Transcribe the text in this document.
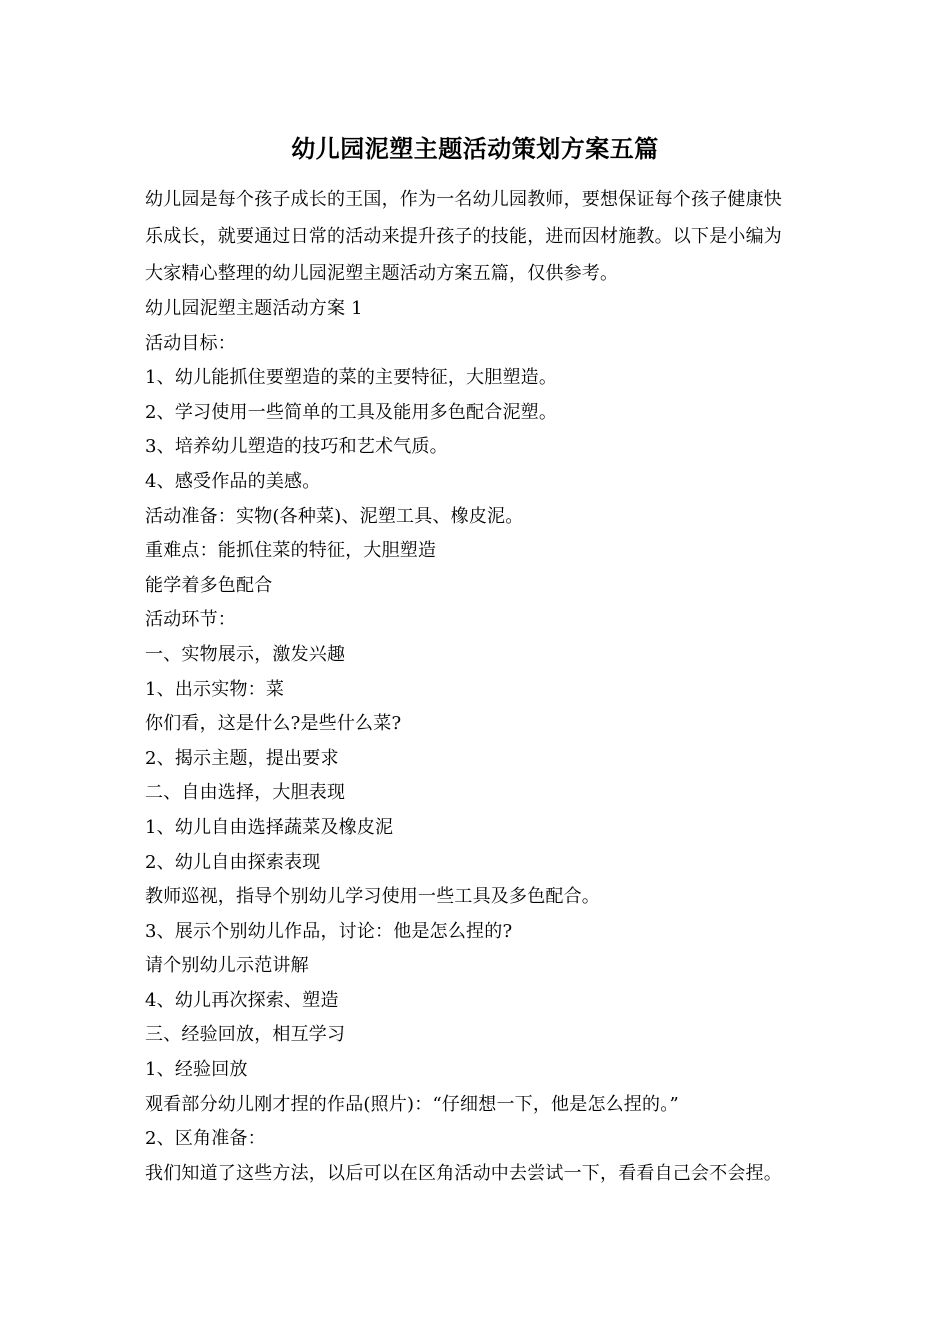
幼儿园泥塑主题活动策划方案五篇

幼儿园是每个孩子成长的王国，作为一名幼儿园教师，要想保证每个孩子健康快

乐成长，就要通过日常的活动来提升孩子的技能，进而因材施教。以下是小编为

大家精心整理的幼儿园泥塑主题活动方案五篇，仅供参考。

幼儿园泥塑主题活动方案 1

活动目标：

1、幼儿能抓住要塑造的菜的主要特征，大胆塑造。

2、学习使用一些简单的工具及能用多色配合泥塑。

3、培养幼儿塑造的技巧和艺术气质。

4、感受作品的美感。

活动准备：实物(各种菜)、泥塑工具、橡皮泥。

重难点：能抓住菜的特征，大胆塑造

能学着多色配合

活动环节：

一、实物展示，激发兴趣

1、出示实物：菜

你们看，这是什么?是些什么菜?

2、揭示主题，提出要求

二、自由选择，大胆表现

1、幼儿自由选择蔬菜及橡皮泥

2、幼儿自由探索表现

教师巡视，指导个别幼儿学习使用一些工具及多色配合。

3、展示个别幼儿作品，讨论：他是怎么捏的?

请个别幼儿示范讲解

4、幼儿再次探索、塑造

三、经验回放，相互学习

1、经验回放

观看部分幼儿刚才捏的作品(照片)：“仔细想一下，他是怎么捏的。”

2、区角准备：

我们知道了这些方法，以后可以在区角活动中去尝试一下，看看自己会不会捏。
